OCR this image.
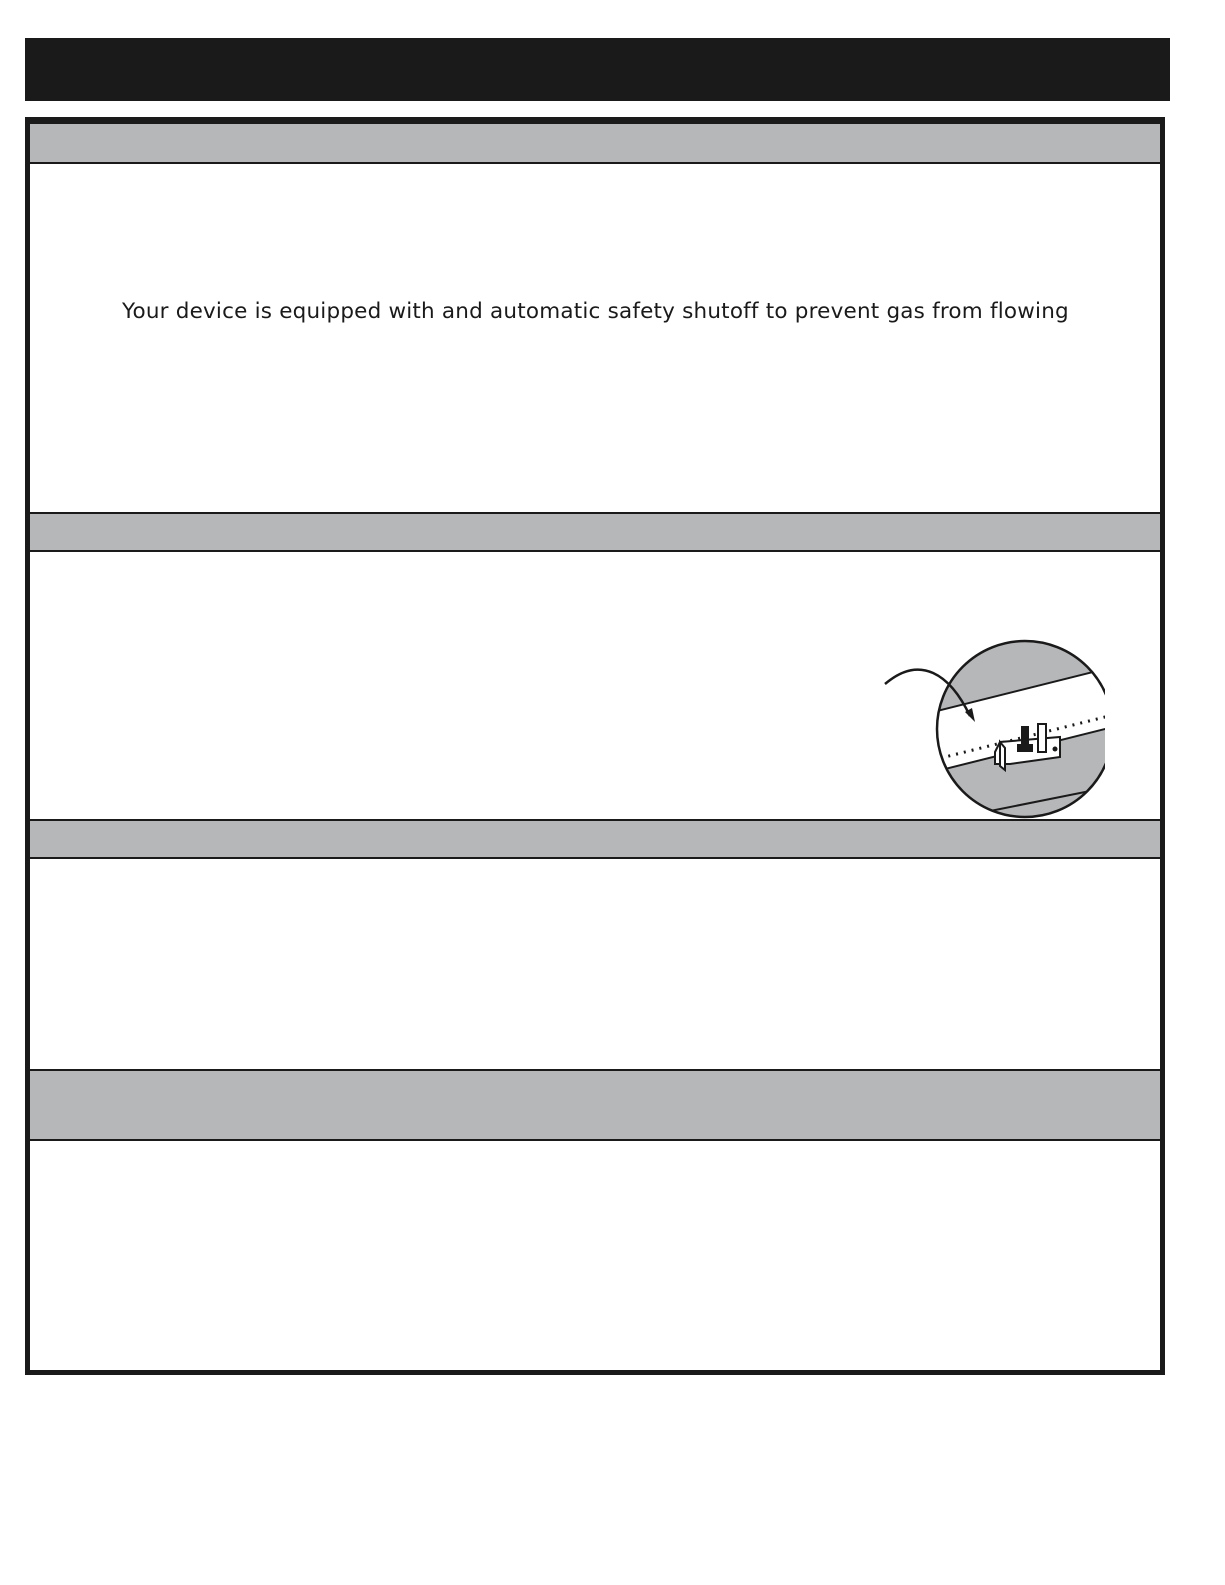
Your device is equipped with and automatic safety shutoff to prevent gas from flowing
